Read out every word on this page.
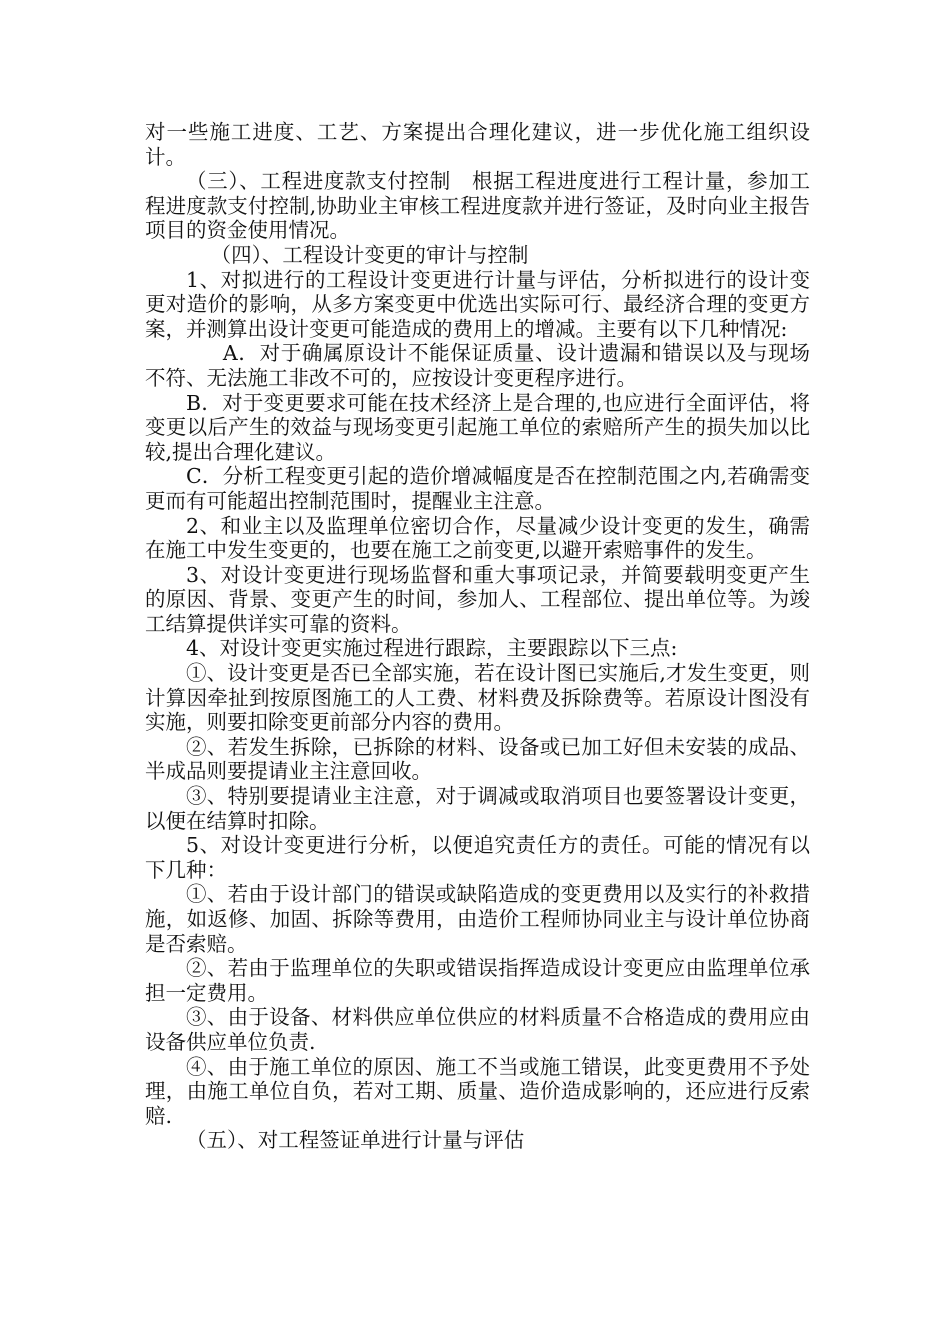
对一些施工进度、工艺、方案提出合理化建议，进一步优化施工组织设计。

（三）、工程进度款支付控制　根据工程进度进行工程计量，参加工程进度款支付控制,协助业主审核工程进度款并进行签证，及时向业主报告项目的资金使用情况。

（四）、工程设计变更的审计与控制

1、对拟进行的工程设计变更进行计量与评估，分析拟进行的设计变更对造价的影响，从多方案变更中优选出实际可行、最经济合理的变更方案，并测算出设计变更可能造成的费用上的增减。主要有以下几种情况:

A．对于确属原设计不能保证质量、设计遗漏和错误以及与现场不符、无法施工非改不可的，应按设计变更程序进行。

B．对于变更要求可能在技术经济上是合理的,也应进行全面评估，将变更以后产生的效益与现场变更引起施工单位的索赔所产生的损失加以比较,提出合理化建议。

C．分析工程变更引起的造价增减幅度是否在控制范围之内,若确需变更而有可能超出控制范围时，提醒业主注意。

2、和业主以及监理单位密切合作，尽量减少设计变更的发生，确需在施工中发生变更的，也要在施工之前变更,以避开索赔事件的发生。

3、对设计变更进行现场监督和重大事项记录，并简要载明变更产生的原因、背景、变更产生的时间，参加人、工程部位、提出单位等。为竣工结算提供详实可靠的资料。

4、对设计变更实施过程进行跟踪，主要跟踪以下三点:

①、设计变更是否已全部实施，若在设计图已实施后,才发生变更，则计算因牵扯到按原图施工的人工费、材料费及拆除费等。若原设计图没有实施，则要扣除变更前部分内容的费用。

②、若发生拆除，已拆除的材料、设备或已加工好但未安装的成品、半成品则要提请业主注意回收。

③、特别要提请业主注意，对于调减或取消项目也要签署设计变更，以便在结算时扣除。

5、对设计变更进行分析，以便追究责任方的责任。可能的情况有以下几种：

①、若由于设计部门的错误或缺陷造成的变更费用以及实行的补救措施，如返修、加固、拆除等费用，由造价工程师协同业主与设计单位协商是否索赔。

②、若由于监理单位的失职或错误指挥造成设计变更应由监理单位承担一定费用。

③、由于设备、材料供应单位供应的材料质量不合格造成的费用应由设备供应单位负责.

④、由于施工单位的原因、施工不当或施工错误，此变更费用不予处理，由施工单位自负，若对工期、质量、造价造成影响的，还应进行反索赔.

（五）、对工程签证单进行计量与评估
